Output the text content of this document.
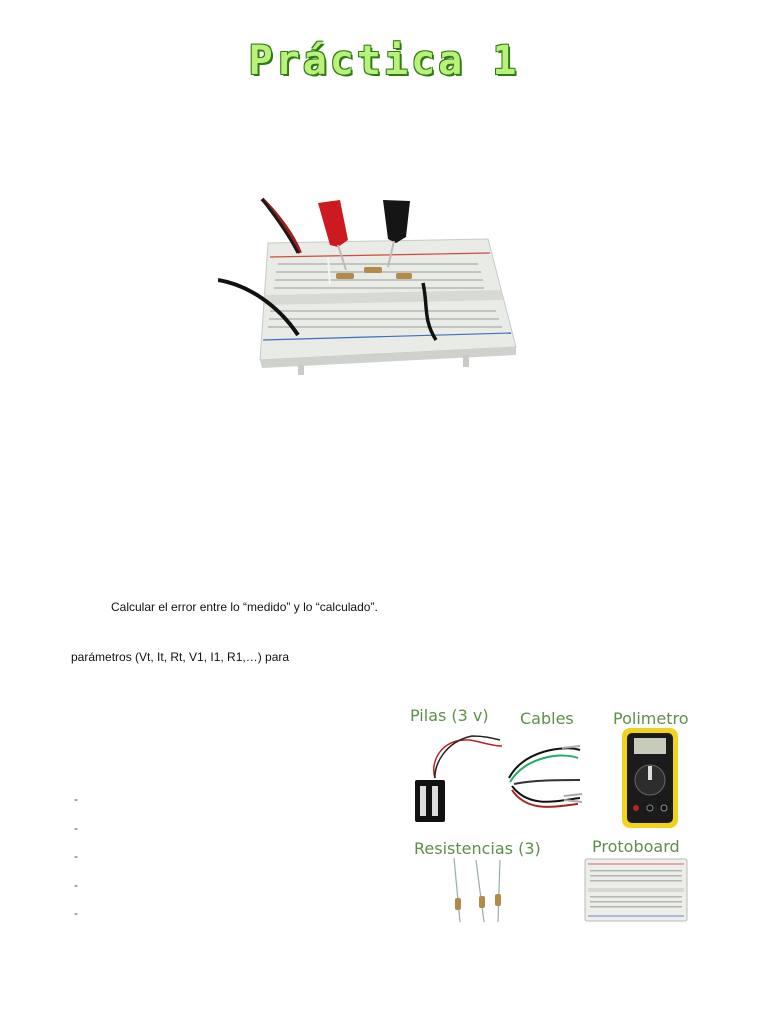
Práctica 1
Calcular el error entre lo “medido” y lo “calculado”.
parámetros (Vt, It, Rt, V1, I1, R1,…) para
-
-
-
-
-
Pilas (3 v) Cables Polimetro
Resistencias (3)	Protoboard
